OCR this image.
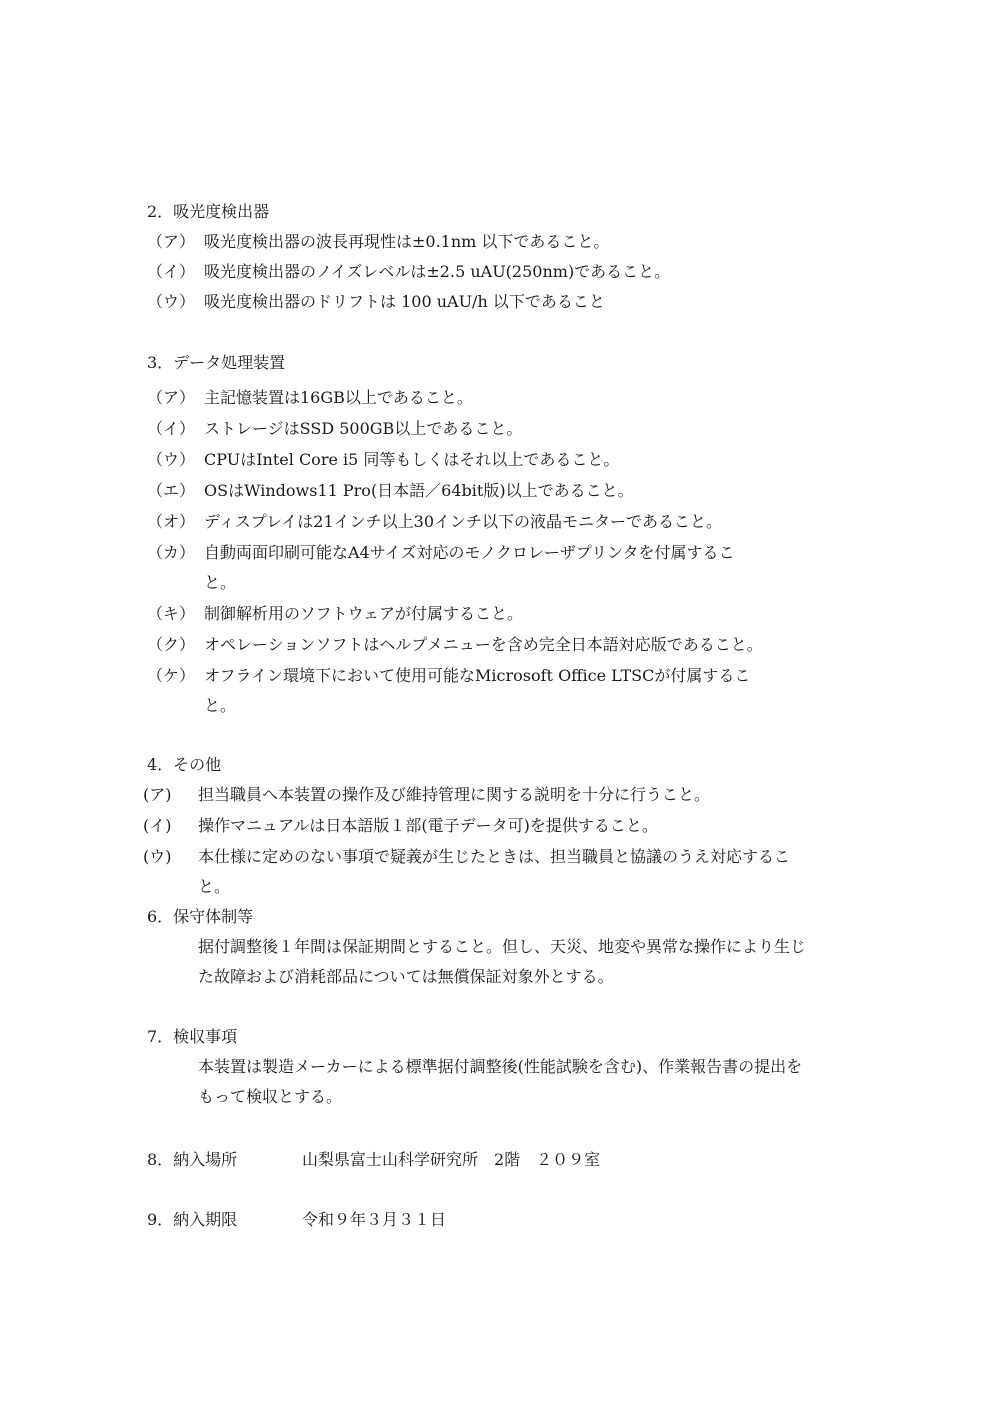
2．吸光度検出器
（ア） 吸光度検出器の波長再現性は±0.1nm 以下であること。
（イ） 吸光度検出器のノイズレベルは±2.5 uAU(250nm)であること。
（ウ） 吸光度検出器のドリフトは 100 uAU/h 以下であること
3．データ処理装置
（ア） 主記憶装置は16GB以上であること。
（イ） ストレージはSSD 500GB以上であること。
（ウ） CPUはIntel Core i5 同等もしくはそれ以上であること。
（エ） OSはWindows11 Pro(日本語／64bit版)以上であること。
（オ） ディスプレイは21インチ以上30インチ以下の液晶モニターであること。
（カ） 自動両面印刷可能なA4サイズ対応のモノクロレーザプリンタを付属するこ
と。
（キ） 制御解析用のソフトウェアが付属すること。
（ク） オペレーションソフトはヘルプメニューを含め完全日本語対応版であること。
（ケ） オフライン環境下において使用可能なMicrosoft Office LTSCが付属するこ
と。
4．その他
(ア) 担当職員へ本装置の操作及び維持管理に関する説明を十分に行うこと。
(イ) 操作マニュアルは日本語版１部(電子データ可)を提供すること。
(ウ) 本仕様に定めのない事項で疑義が生じたときは、担当職員と協議のうえ対応するこ
と。
6．保守体制等
据付調整後１年間は保証期間とすること。但し、天災、地変や異常な操作により生じ
た故障および消耗部品については無償保証対象外とする。
7．検収事項
本装置は製造メーカーによる標準据付調整後(性能試験を含む)、作業報告書の提出を
もって検収とする。
8．納入場所	山梨県富士山科学研究所　2階　２０９室
9．納入期限	令和９年３月３１日
